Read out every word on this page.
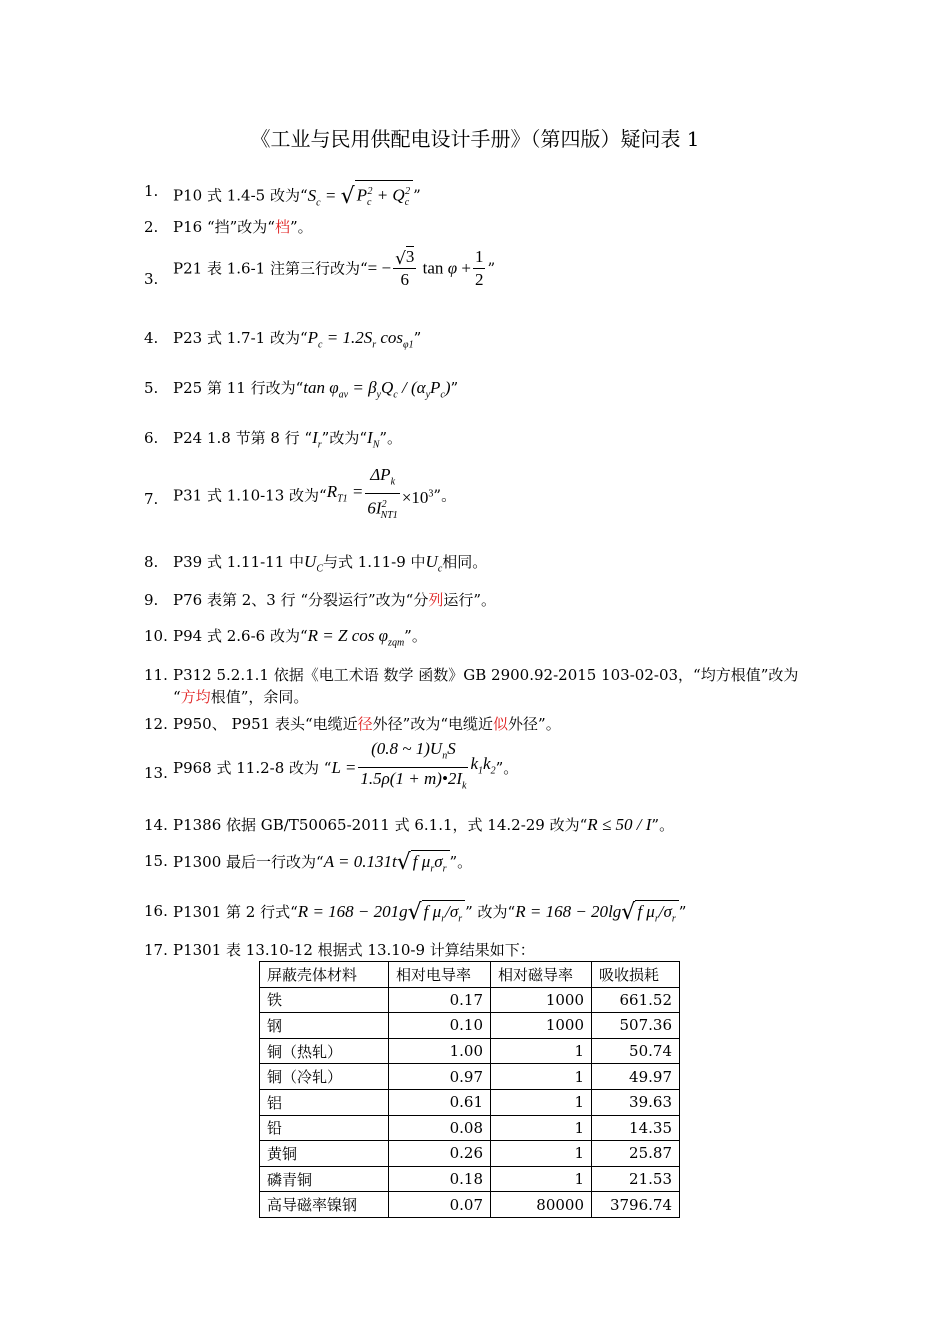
《工业与民用供配电设计手册》（第四版）疑问表 1
1. P10 式 1.4-5 改为“$S_c$ = √ $P_c^2 + Q_c^2$ ”
2. P16 “挡”改为“档”。
3.
P21 表 1.6-1 注第三行改为“= − $\frac{√3}{6}$ $\tan \varphi + \frac{1}{2}$ ”
4. P23 式 1.7-1 改为“$P_c = 1.2S_r$ $\cos_{\varphi 1}$”
5. P25 第 11 行改为“tan $\varphi_{av} = \beta_yQ_c / (\alpha_yP_c)$”
6. P24 1.8 节第 8 行 “$I_r$”改为“$I_N$”。
7. P31 式 1.10-13 改为“$R_{T1} = \frac{\Delta P_k}{6I^2_{NT1}} \times 10^3$”。
8. P39 式 1.11-11 中$U_C$与式 1.11-9 中$U_c$相同。
9. P76 表第 2、3 行 “分裂运行”改为“分列运行”。
10. P94 式 2.6-6 改为“R = Z $\cos \varphi_{zqm}$”。
11. P312 5.2.1.1 依据《电工术语 数学 函数》GB 2900.92-2015 103-02-03，“均方根值”改为
“方均根值”，余同。
12. P950、 P951 表头“电缆近径外径”改为“电缆近似外径”。
13. P968 式 11.2-8 改为 “$L = \frac{(0.8 \sim 1)U_nS}{1.5\rho(1 + m)•2I_k} k_1k_2$”。
14. P1386 依据 GB/T50065-2011 式 6.1.1，式 14.2-29 改为“R ≤ 50 / I”。
15. P1300 最后一行改为“A = 0.131t√ f $\mu_r\sigma_r$ ”。
16. P1301 第 2 行式“R = 168 − 201g√ f $\mu_r/\sigma_r$ ” 改为“R = 168 − 20lg√ f $\mu_r/\sigma_r$ ”
17. P1301 表 13.10-12 根据式 13.10-9 计算结果如下：
屏蔽壳体材料	相对电导率	相对磁导率	吸收损耗
铁	0.17	1000	661.52
钢	0.10	1000	507.36
铜（热轧）	1.00	1	50.74
铜（冷轧）	0.97	1	49.97
铝	0.61	1	39.63
铅	0.08	1	14.35
黄铜	0.26	1	25.87
磷青铜	0.18	1	21.53
高导磁率镍钢	0.07	80000	3796.74
